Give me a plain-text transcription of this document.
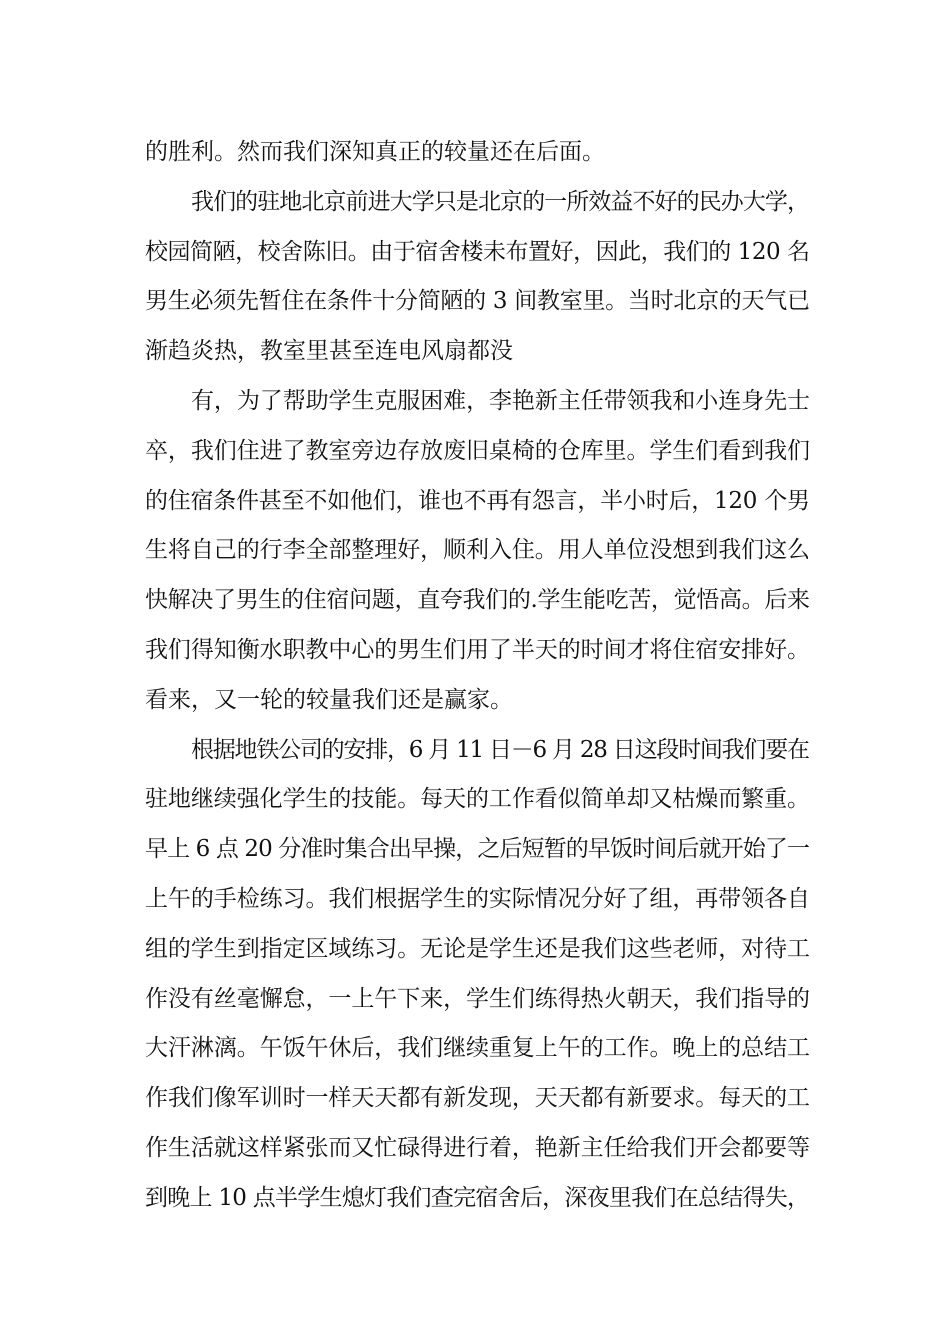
的胜利。然而我们深知真正的较量还在后面。
我们的驻地北京前进大学只是北京的一所效益不好的民办大学，
校园简陋，校舍陈旧。由于宿舍楼未布置好，因此，我们的 120 名
男生必须先暂住在条件十分简陋的 3 间教室里。当时北京的天气已
渐趋炎热，教室里甚至连电风扇都没
有，为了帮助学生克服困难，李艳新主任带领我和小连身先士
卒，我们住进了教室旁边存放废旧桌椅的仓库里。学生们看到我们
的住宿条件甚至不如他们，谁也不再有怨言，半小时后，120 个男
生将自己的行李全部整理好，顺利入住。用人单位没想到我们这么
快解决了男生的住宿问题，直夸我们的.学生能吃苦，觉悟高。后来
我们得知衡水职教中心的男生们用了半天的时间才将住宿安排好。
看来，又一轮的较量我们还是赢家。
根据地铁公司的安排，6 月 11 日－6 月 28 日这段时间我们要在
驻地继续强化学生的技能。每天的工作看似简单却又枯燥而繁重。
早上 6 点 20 分准时集合出早操，之后短暂的早饭时间后就开始了一
上午的手检练习。我们根据学生的实际情况分好了组，再带领各自
组的学生到指定区域练习。无论是学生还是我们这些老师，对待工
作没有丝毫懈怠，一上午下来，学生们练得热火朝天，我们指导的
大汗淋漓。午饭午休后，我们继续重复上午的工作。晚上的总结工
作我们像军训时一样天天都有新发现，天天都有新要求。每天的工
作生活就这样紧张而又忙碌得进行着，艳新主任给我们开会都要等
到晚上 10 点半学生熄灯我们查完宿舍后，深夜里我们在总结得失，
